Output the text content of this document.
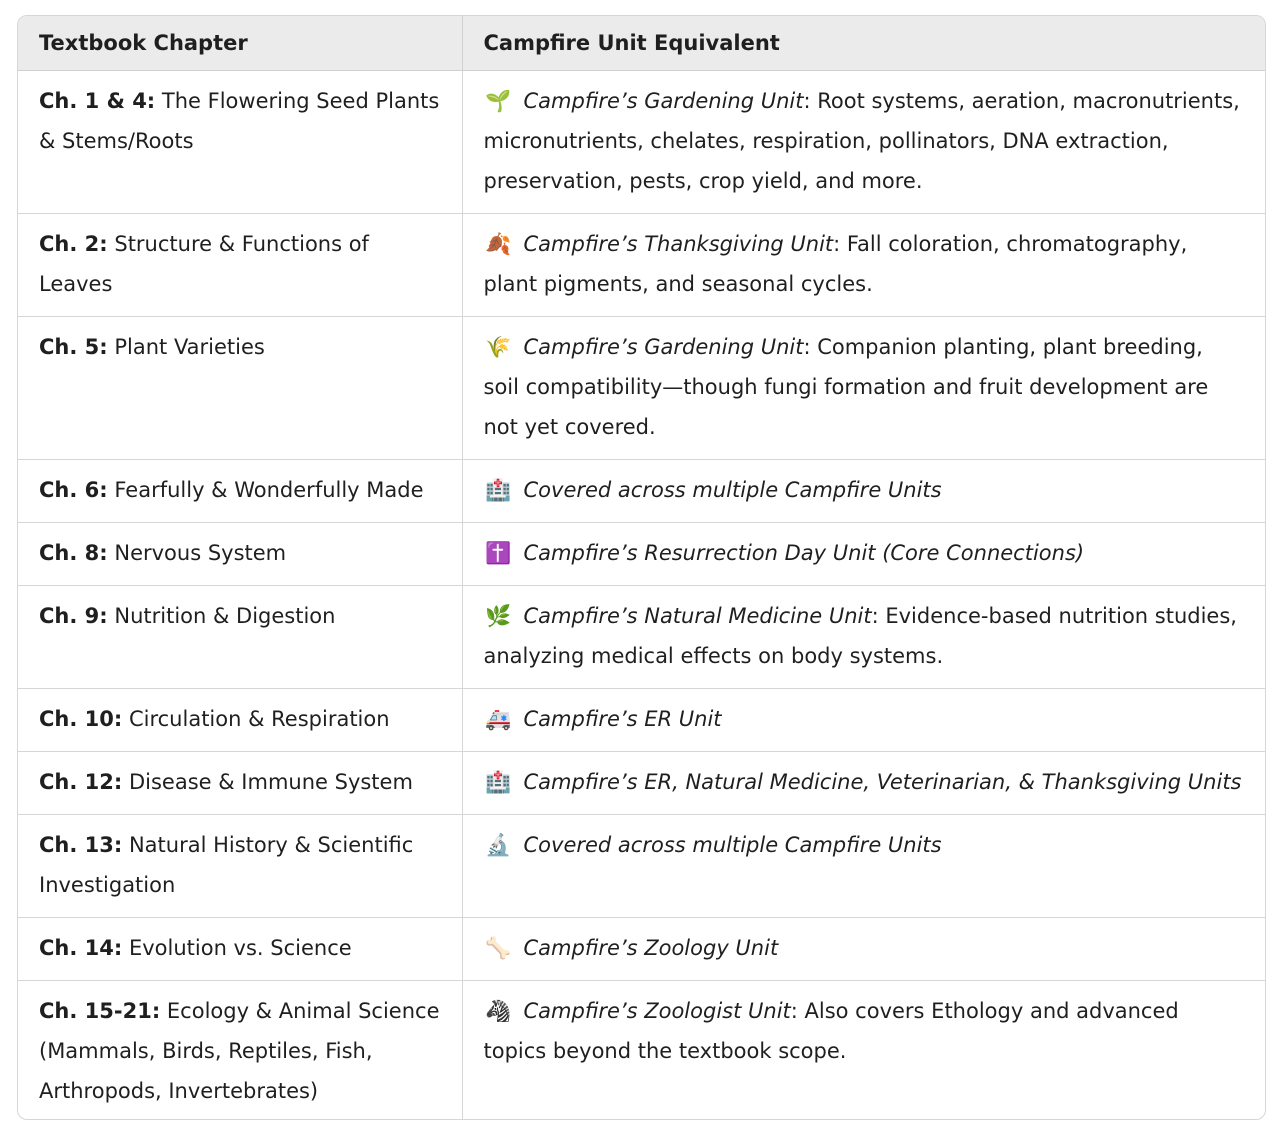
Textbook Chapter	Campfire Unit Equivalent
Ch. 1 & 4: The Flowering Seed Plants & Stems/Roots	🌱 Campfire’s Gardening Unit: Root systems, aeration, macronutrients, micronutrients, chelates, respiration, pollinators, DNA extraction, preservation, pests, crop yield, and more.
Ch. 2: Structure & Functions of Leaves	🍂 Campfire’s Thanksgiving Unit: Fall coloration, chromatography, plant pigments, and seasonal cycles.
Ch. 5: Plant Varieties	🌾 Campfire’s Gardening Unit: Companion planting, plant breeding, soil compatibility—though fungi formation and fruit development are not yet covered.
Ch. 6: Fearfully & Wonderfully Made	🏥 Covered across multiple Campfire Units
Ch. 8: Nervous System	✝️ Campfire’s Resurrection Day Unit (Core Connections)
Ch. 9: Nutrition & Digestion	🌿 Campfire’s Natural Medicine Unit: Evidence-based nutrition studies, analyzing medical effects on body systems.
Ch. 10: Circulation & Respiration	🚑 Campfire’s ER Unit
Ch. 12: Disease & Immune System	🏥 Campfire’s ER, Natural Medicine, Veterinarian, & Thanksgiving Units
Ch. 13: Natural History & Scientific Investigation	🔬 Covered across multiple Campfire Units
Ch. 14: Evolution vs. Science	🦴 Campfire’s Zoology Unit
Ch. 15-21: Ecology & Animal Science (Mammals, Birds, Reptiles, Fish, Arthropods, Invertebrates)	🦓 Campfire’s Zoologist Unit: Also covers Ethology and advanced topics beyond the textbook scope.
